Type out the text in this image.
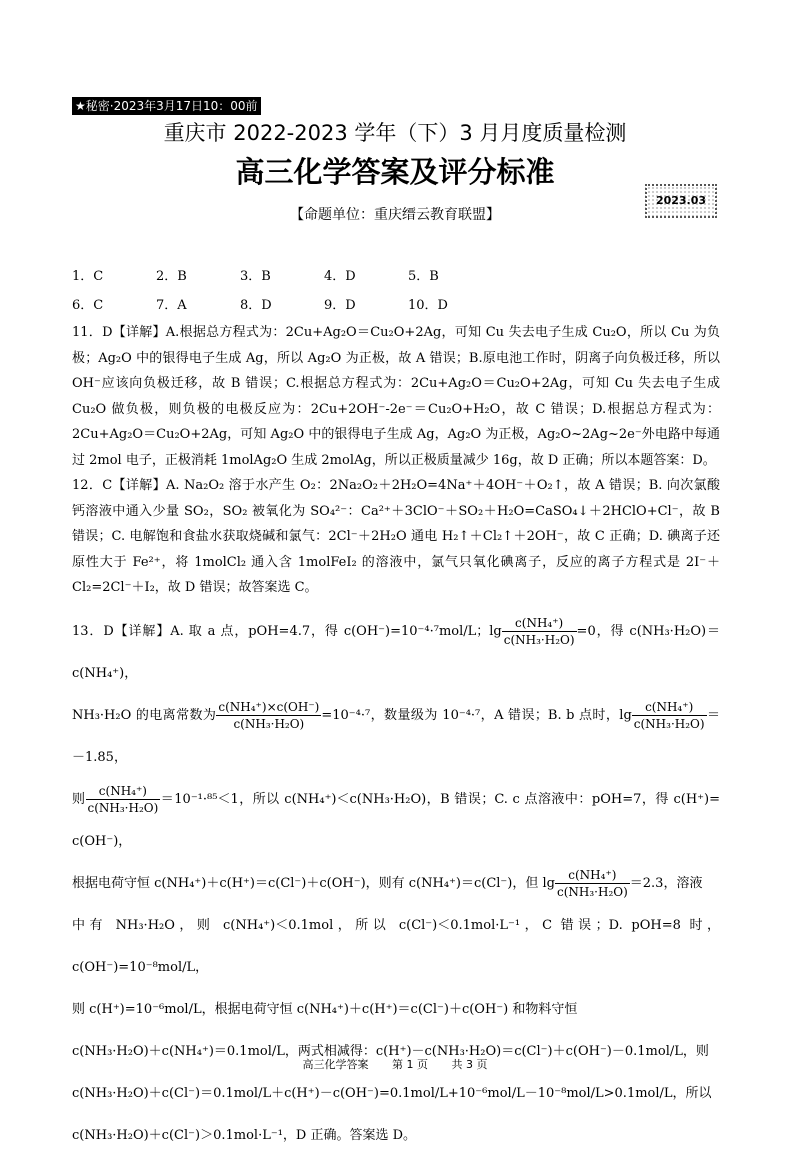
★秘密·2023年3月17日10：00前
重庆市 2022-2023 学年（下）3 月月度质量检测
高三化学答案及评分标准
2023.03
【命题单位：重庆缙云教育联盟】
1．C	2．B	3．B	4．D	5．B
6．C	7．A	8．D	9．D	10．D

11．D【详解】A.根据总方程式为：2Cu+Ag₂O＝Cu₂O+2Ag，可知 Cu 失去电子生成 Cu₂O，所以 Cu 为负极；Ag₂O 中的银得电子生成 Ag，所以 Ag₂O 为正极，故 A 错误；B.原电池工作时，阴离子向负极迁移，所以 OH⁻应该向负极迁移，故 B 错误；C.根据总方程式为：2Cu+Ag₂O＝Cu₂O+2Ag，可知 Cu 失去电子生成 Cu₂O 做负极，则负极的电极反应为：2Cu+2OH⁻-2e⁻＝Cu₂O+H₂O，故 C 错误；D.根据总方程式为：2Cu+Ag₂O＝Cu₂O+2Ag，可知 Ag₂O 中的银得电子生成 Ag，Ag₂O 为正极，Ag₂O~2Ag~2e⁻外电路中每通过 2mol 电子，正极消耗 1molAg₂O 生成 2molAg，所以正极质量减少 16g，故 D 正确；所以本题答案：D。

12．C【详解】A. Na₂O₂ 溶于水产生 O₂：2Na₂O₂＋2H₂O=4Na⁺＋4OH⁻＋O₂↑，故 A 错误；B. 向次氯酸钙溶液中通入少量 SO₂，SO₂ 被氧化为 SO₄²⁻：Ca²⁺＋3ClO⁻＋SO₂＋H₂O=CaSO₄↓＋2HClO+Cl⁻，故 B 错误；C. 电解饱和食盐水获取烧碱和氯气：2Cl⁻＋2H₂O 通电 H₂↑＋Cl₂↑＋2OH⁻，故 C 正确；D. 碘离子还原性大于 Fe²⁺，将 1molCl₂ 通入含 1molFeI₂ 的溶液中，氯气只氧化碘离子，反应的离子方程式是 2I⁻＋Cl₂=2Cl⁻＋I₂，故 D 错误；故答案选 C。

13．D【详解】A. 取 a 点，pOH=4.7，得 c(OH⁻)=10⁻⁴·⁷mol/L；$\lg \frac{\text{c(NH₄⁺)}}{\text{c(NH₃·H₂O)}} =0$，得 c(NH₃·H₂O)＝c(NH₄⁺)，

NH₃·H₂O 的电离常数为 $\frac{\text{c(NH₄⁺)×c(OH⁻)}}{\text{c(NH₃·H₂O)}} =10^{-4}\cdot^7$，数量级为 10⁻⁴·⁷，A 错误；B. b 点时，$\lg \frac{\text{c(NH₄⁺)}}{\text{c(NH₃·H₂O)}} =-1.85$，

则 $\frac{\text{c(NH₄⁺)}}{\text{c(NH₃·H₂O)}} =10^{-1}\cdot^{85}<1$，所以 c(NH₄⁺)＜c(NH₃·H₂O)，B 错误；C. c 点溶液中：pOH=7，得 c(H⁺)= c(OH⁻)，

根据电荷守恒 c(NH₄⁺)＋c(H⁺)＝c(Cl⁻)＋c(OH⁻)，则有 c(NH₄⁺)＝c(Cl⁻)，但 $\lg \frac{\text{c(NH₄⁺)}}{\text{c(NH₃·H₂O)}} =2.3$，溶液

中有 NH₃·H₂O，则 c(NH₄⁺)＜0.1mol，所以 c(Cl⁻)＜0.1mol·L⁻¹，C 错误；D. pOH=8 时，c(OH⁻)=10⁻⁸mol/L，

则 c(H⁺)=10⁻⁶mol/L，根据电荷守恒 c(NH₄⁺)＋c(H⁺)＝c(Cl⁻)＋c(OH⁻) 和物料守恒

c(NH₃·H₂O)＋c(NH₄⁺)＝0.1mol/L，两式相减得：c(H⁺)－c(NH₃·H₂O)＝c(Cl⁻)＋c(OH⁻)－0.1mol/L，则

c(NH₃·H₂O)＋c(Cl⁻)＝0.1mol/L＋c(H⁺)－c(OH⁻)=0.1mol/L+10⁻⁶mol/L－10⁻⁸mol/L>0.1mol/L，所以

c(NH₃·H₂O)＋c(Cl⁻)＞0.1mol·L⁻¹，D 正确。答案选 D。

高三化学答案 第 1 页 共 3 页
